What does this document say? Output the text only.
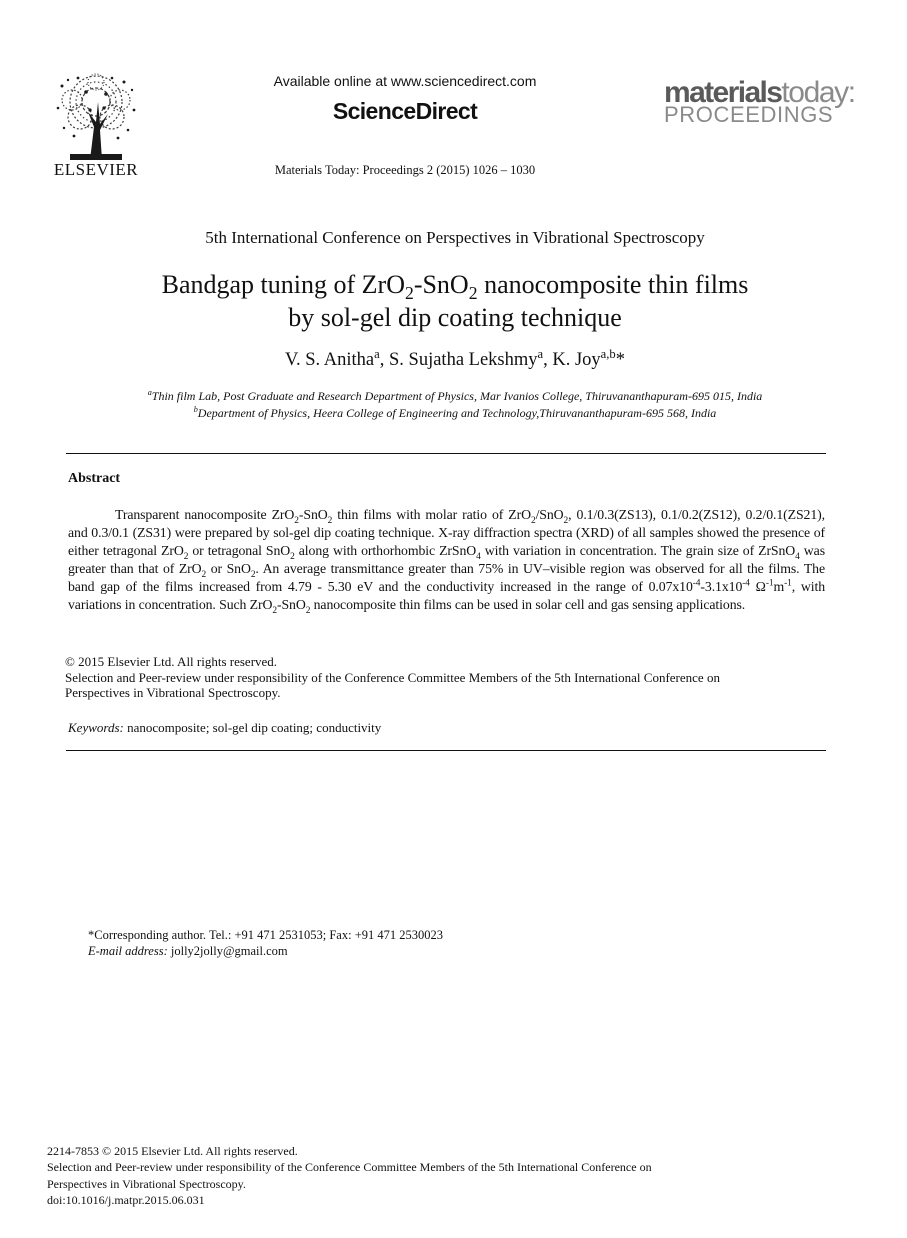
ELSEVIER
Available online at www.sciencedirect.com
ScienceDirect
Materials Today: Proceedings 2 (2015) 1026 – 1030
materialstoday:
PROCEEDINGS
5th International Conference on Perspectives in Vibrational Spectroscopy
Bandgap tuning of ZrO$_2$-SnO$_2$ nanocomposite thin films
by sol-gel dip coating technique
V. S. Anitha$^a$, S. Sujatha Lekshmy$^a$, K. Joy$^{a,b}$*
$^a$Thin film Lab, Post Graduate and Research Department of Physics, Mar Ivanios College, Thiruvananthapuram-695 015, India
$^b$Department of Physics, Heera College of Engineering and Technology,Thiruvananthapuram-695 568, India
Abstract
Transparent nanocomposite ZrO$_2$-SnO$_2$ thin films with molar ratio of ZrO$_2$/SnO$_2$, 0.1/0.3(ZS13), 0.1/0.2(ZS12), 0.2/0.1(ZS21), and 0.3/0.1 (ZS31) were prepared by sol-gel dip coating technique. X-ray diffraction spectra (XRD) of all samples showed the presence of either tetragonal ZrO$_2$ or tetragonal SnO$_2$ along with orthorhombic ZrSnO$_4$ with variation in concentration. The grain size of ZrSnO$_4$ was greater than that of ZrO$_2$ or SnO$_2$. An average transmittance greater than 75% in UV–visible region was observed for all the films. The band gap of the films increased from 4.79 - 5.30 eV and the conductivity increased in the range of $0.07x10^{-4}-3.1x10^{-4}$ $\Omega^{-1}m^{-1}$, with variations in concentration. Such ZrO$_2$-SnO$_2$ nanocomposite thin films can be used in solar cell and gas sensing applications.
© 2015 Elsevier Ltd. All rights reserved.
Selection and Peer-review under responsibility of the Conference Committee Members of the 5th International Conference on
Perspectives in Vibrational Spectroscopy.
Keywords: nanocomposite; sol-gel dip coating; conductivity
*Corresponding author. Tel.: +91 471 2531053; Fax: +91 471 2530023
E-mail address: jolly2jolly@gmail.com
2214-7853 © 2015 Elsevier Ltd. All rights reserved.
Selection and Peer-review under responsibility of the Conference Committee Members of the 5th International Conference on
Perspectives in Vibrational Spectroscopy.
doi:10.1016/j.matpr.2015.06.031
